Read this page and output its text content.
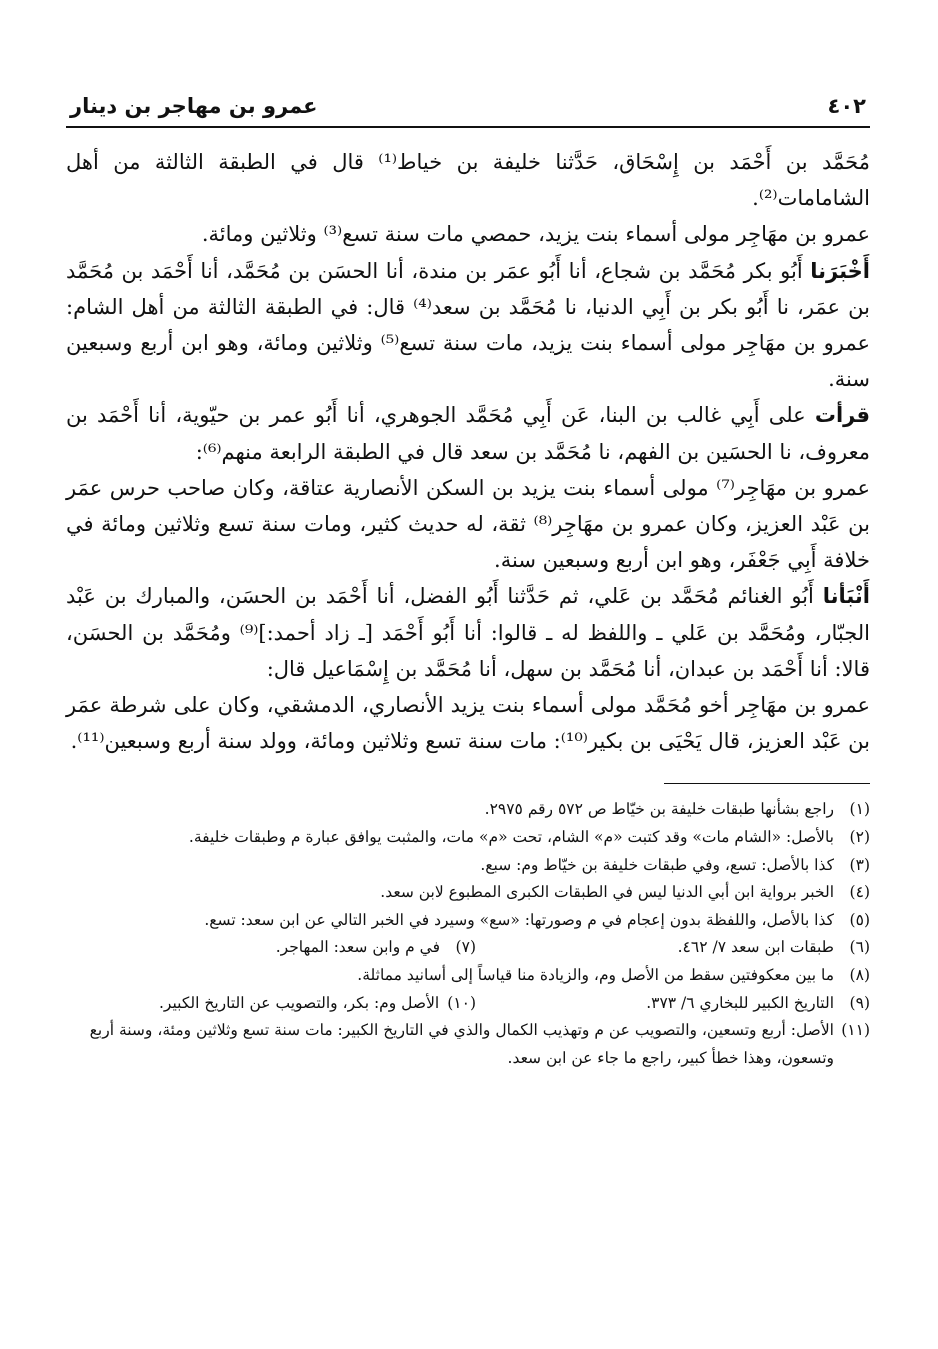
٤٠٢
عمرو بن مهاجر بن دينار

مُحَمَّد بن أَحْمَد بن إِسْحَاق، حَدَّثنا خليفة بن خياط⁽¹⁾ قال في الطبقة الثالثة من أهل الشامامات⁽²⁾.

عمرو بن مهَاجِر مولى أسماء بنت يزيد، حمصي مات سنة تسع⁽³⁾ وثلاثين ومائة.

أَخْبَرَنا أَبُو بكر مُحَمَّد بن شجاع، أنا أَبُو عمَر بن مندة، أنا الحسَن بن مُحَمَّد، أنا أَحْمَد بن مُحَمَّد بن عمَر، نا أَبُو بكر بن أَبِي الدنيا، نا مُحَمَّد بن سعد⁽⁴⁾ قال: في الطبقة الثالثة من أهل الشام: عمرو بن مهَاجِر مولى أسماء بنت يزيد، مات سنة تسع⁽⁵⁾ وثلاثين ومائة، وهو ابن أربع وسبعين سنة.

قرأت على أَبِي غالب بن البنا، عَن أَبِي مُحَمَّد الجوهري، أنا أَبُو عمر بن حيّوية، أنا أَحْمَد بن معروف، نا الحسَين بن الفهم، نا مُحَمَّد بن سعد قال في الطبقة الرابعة منهم⁽⁶⁾:

عمرو بن مهَاجِر⁽⁷⁾ مولى أسماء بنت يزيد بن السكن الأنصارية عتاقة، وكان صاحب حرس عمَر بن عَبْد العزيز، وكان عمرو بن مهَاجِر⁽⁸⁾ ثقة، له حديث كثير، ومات سنة تسع وثلاثين ومائة في خلافة أَبِي جَعْفَر، وهو ابن أربع وسبعين سنة.

أَنْبَأنا أَبُو الغنائم مُحَمَّد بن عَلي، ثم حَدَّثنا أَبُو الفضل، أنا أَحْمَد بن الحسَن، والمبارك بن عَبْد الجبّار، ومُحَمَّد بن عَلي ـ واللفظ له ـ قالوا: أنا أَبُو أَحْمَد [ـ زاد أحمد:]⁽⁹⁾ ومُحَمَّد بن الحسَن، قالا: أنا أَحْمَد بن عبدان، أنا مُحَمَّد بن سهل، أنا مُحَمَّد بن إِسْمَاعيل قال:

عمرو بن مهَاجِر أخو مُحَمَّد مولى أسماء بنت يزيد الأنصاري، الدمشقي، وكان على شرطة عمَر بن عَبْد العزيز، قال يَحْيَى بن بكير⁽¹⁰⁾: مات سنة تسع وثلاثين ومائة، وولد سنة أربع وسبعين⁽¹¹⁾.

(١)
راجع بشأنها طبقات خليفة بن خيّاط ص ٥٧٢ رقم ٢٩٧٥.

(٢)
بالأصل: «الشام مات» وقد كتبت «م» الشام، تحت «م» مات، والمثبت يوافق عبارة م وطبقات خليفة.

(٣)
كذا بالأصل: تسع، وفي طبقات خليفة بن خيّاط وم: سبع.

(٤)
الخبر برواية ابن أبي الدنيا ليس في الطبقات الكبرى المطبوع لابن سعد.

(٥)
كذا بالأصل، واللفظة بدون إعجام في م وصورتها: «سع» وسيرد في الخبر التالي عن ابن سعد: تسع.

(٦)
طبقات ابن سعد ٧/ ٤٦٢.
(٧)
في م وابن سعد: المهاجر.

(٨)
ما بين معكوفتين سقط من الأصل وم، والزيادة منا قياساً إلى أسانيد مماثلة.

(٩)
التاريخ الكبير للبخاري ٦/ ٣٧٣.
(١٠)
الأصل وم: بكر، والتصويب عن التاريخ الكبير.

(١١)
الأصل: أربع وتسعين، والتصويب عن م وتهذيب الكمال والذي في التاريخ الكبير: مات سنة تسع وثلاثين ومئة، وسنة أربع وتسعون، وهذا خطأ كبير، راجع ما جاء عن ابن سعد.
